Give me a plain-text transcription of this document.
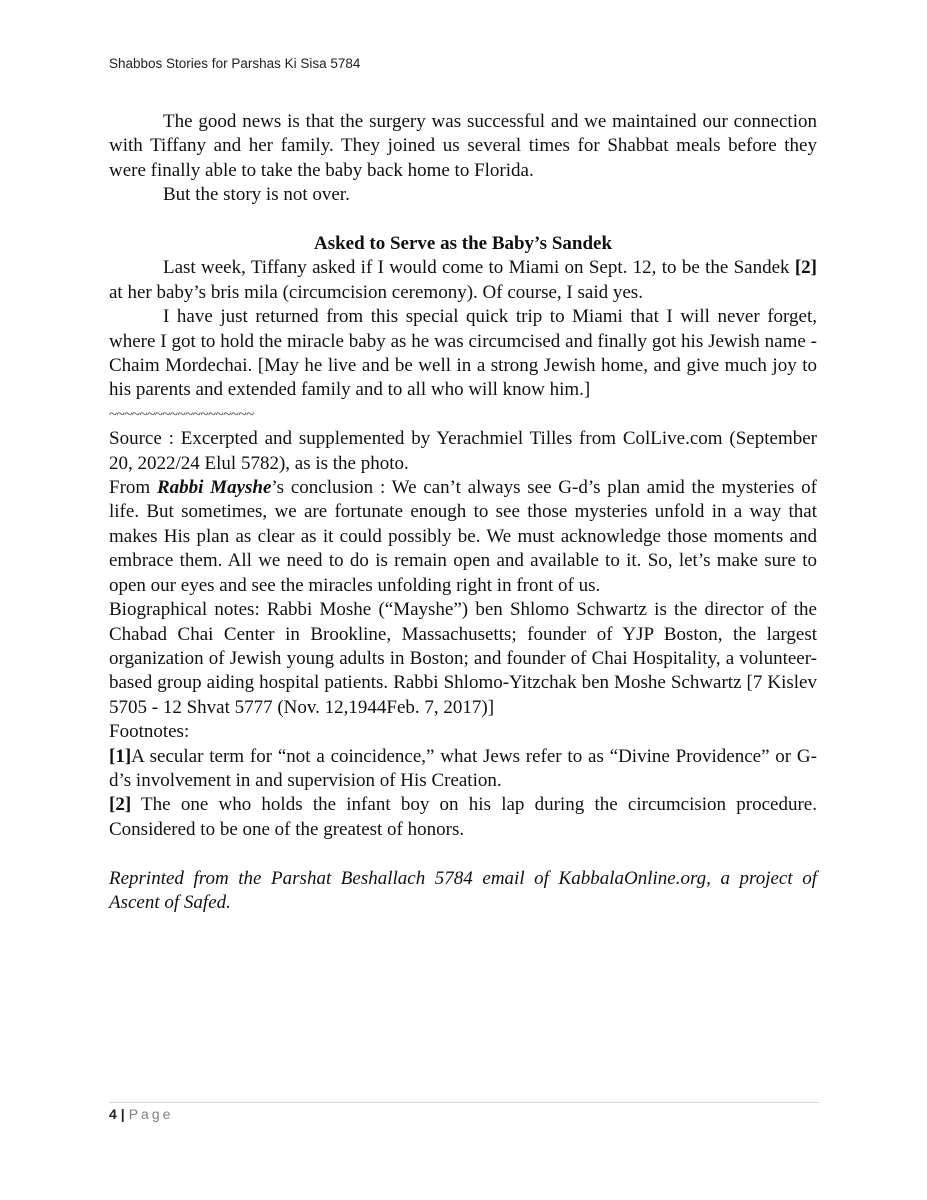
Shabbos Stories for Parshas Ki Sisa 5784

The good news is that the surgery was successful and we maintained our connection with Tiffany and her family. They joined us several times for Shabbat meals before they were finally able to take the baby back home to Florida.

But the story is not over.

Asked to Serve as the Baby’s Sandek

Last week, Tiffany asked if I would come to Miami on Sept. 12, to be the Sandek [2] at her baby’s bris mila (circumcision ceremony). Of course, I said yes.

I have just returned from this special quick trip to Miami that I will never forget, where I got to hold the miracle baby as he was circumcised and finally got his Jewish name - Chaim Mordechai. [May he live and be well in a strong Jewish home, and give much joy to his parents and extended family and to all who will know him.]

~~~~~~~~~~~~~~~~~~~

Source : Excerpted and supplemented by Yerachmiel Tilles from ColLive.com (September 20, 2022/24 Elul 5782), as is the photo.

From Rabbi Mayshe’s conclusion : We can’t always see G-d’s plan amid the mysteries of life. But sometimes, we are fortunate enough to see those mysteries unfold in a way that makes His plan as clear as it could possibly be. We must acknowledge those moments and embrace them. All we need to do is remain open and available to it. So, let’s make sure to open our eyes and see the miracles unfolding right in front of us.

Biographical notes: Rabbi Moshe (“Mayshe”) ben Shlomo Schwartz is the director of the Chabad Chai Center in Brookline, Massachusetts; founder of YJP Boston, the largest organization of Jewish young adults in Boston; and founder of Chai Hospitality, a volunteer-based group aiding hospital patients. Rabbi Shlomo-Yitzchak ben Moshe Schwartz [7 Kislev 5705 - 12 Shvat 5777 (Nov. 12,1944Feb. 7, 2017)]

Footnotes:

[1]A secular term for “not a coincidence,” what Jews refer to as “Divine Providence” or G-d’s involvement in and supervision of His Creation.

[2] The one who holds the infant boy on his lap during the circumcision procedure. Considered to be one of the greatest of honors.

Reprinted from the Parshat Beshallach 5784 email of KabbalaOnline.org, a project of Ascent of Safed.

4 | Page
